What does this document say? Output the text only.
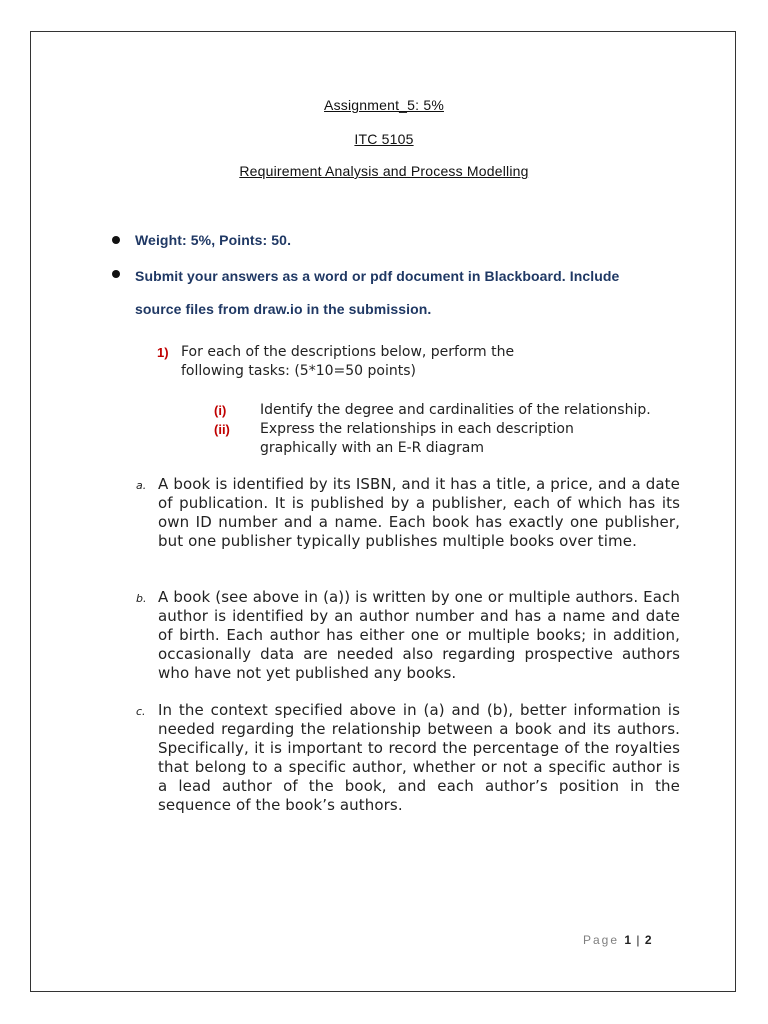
Assignment_5: 5%
ITC 5105
Requirement Analysis and Process Modelling
Weight: 5%, Points: 50.
Submit your answers as a word or pdf document in Blackboard. Include
source files from draw.io in the submission.
1) For each of the descriptions below, perform the
following tasks: (5*10=50 points)
(i) Identify the degree and cardinalities of the relationship.
(ii) Express the relationships in each description
graphically with an E-R diagram
a. A book is identified by its ISBN, and it has a title, a price, and a date of publication. It is published by a publisher, each of which has its own ID number and a name. Each book has exactly one publisher, but one publisher typically publishes multiple books over time.
b. A book (see above in (a)) is written by one or multiple authors. Each author is identified by an author number and has a name and date of birth. Each author has either one or multiple books; in addition, occasionally data are needed also regarding prospective authors who have not yet published any books.
c. In the context specified above in (a) and (b), better information is needed regarding the relationship between a book and its authors. Specifically, it is important to record the percentage of the royalties that belong to a specific author, whether or not a specific author is a lead author of the book, and each author’s position in the sequence of the book’s authors.
Page 1 | 2
